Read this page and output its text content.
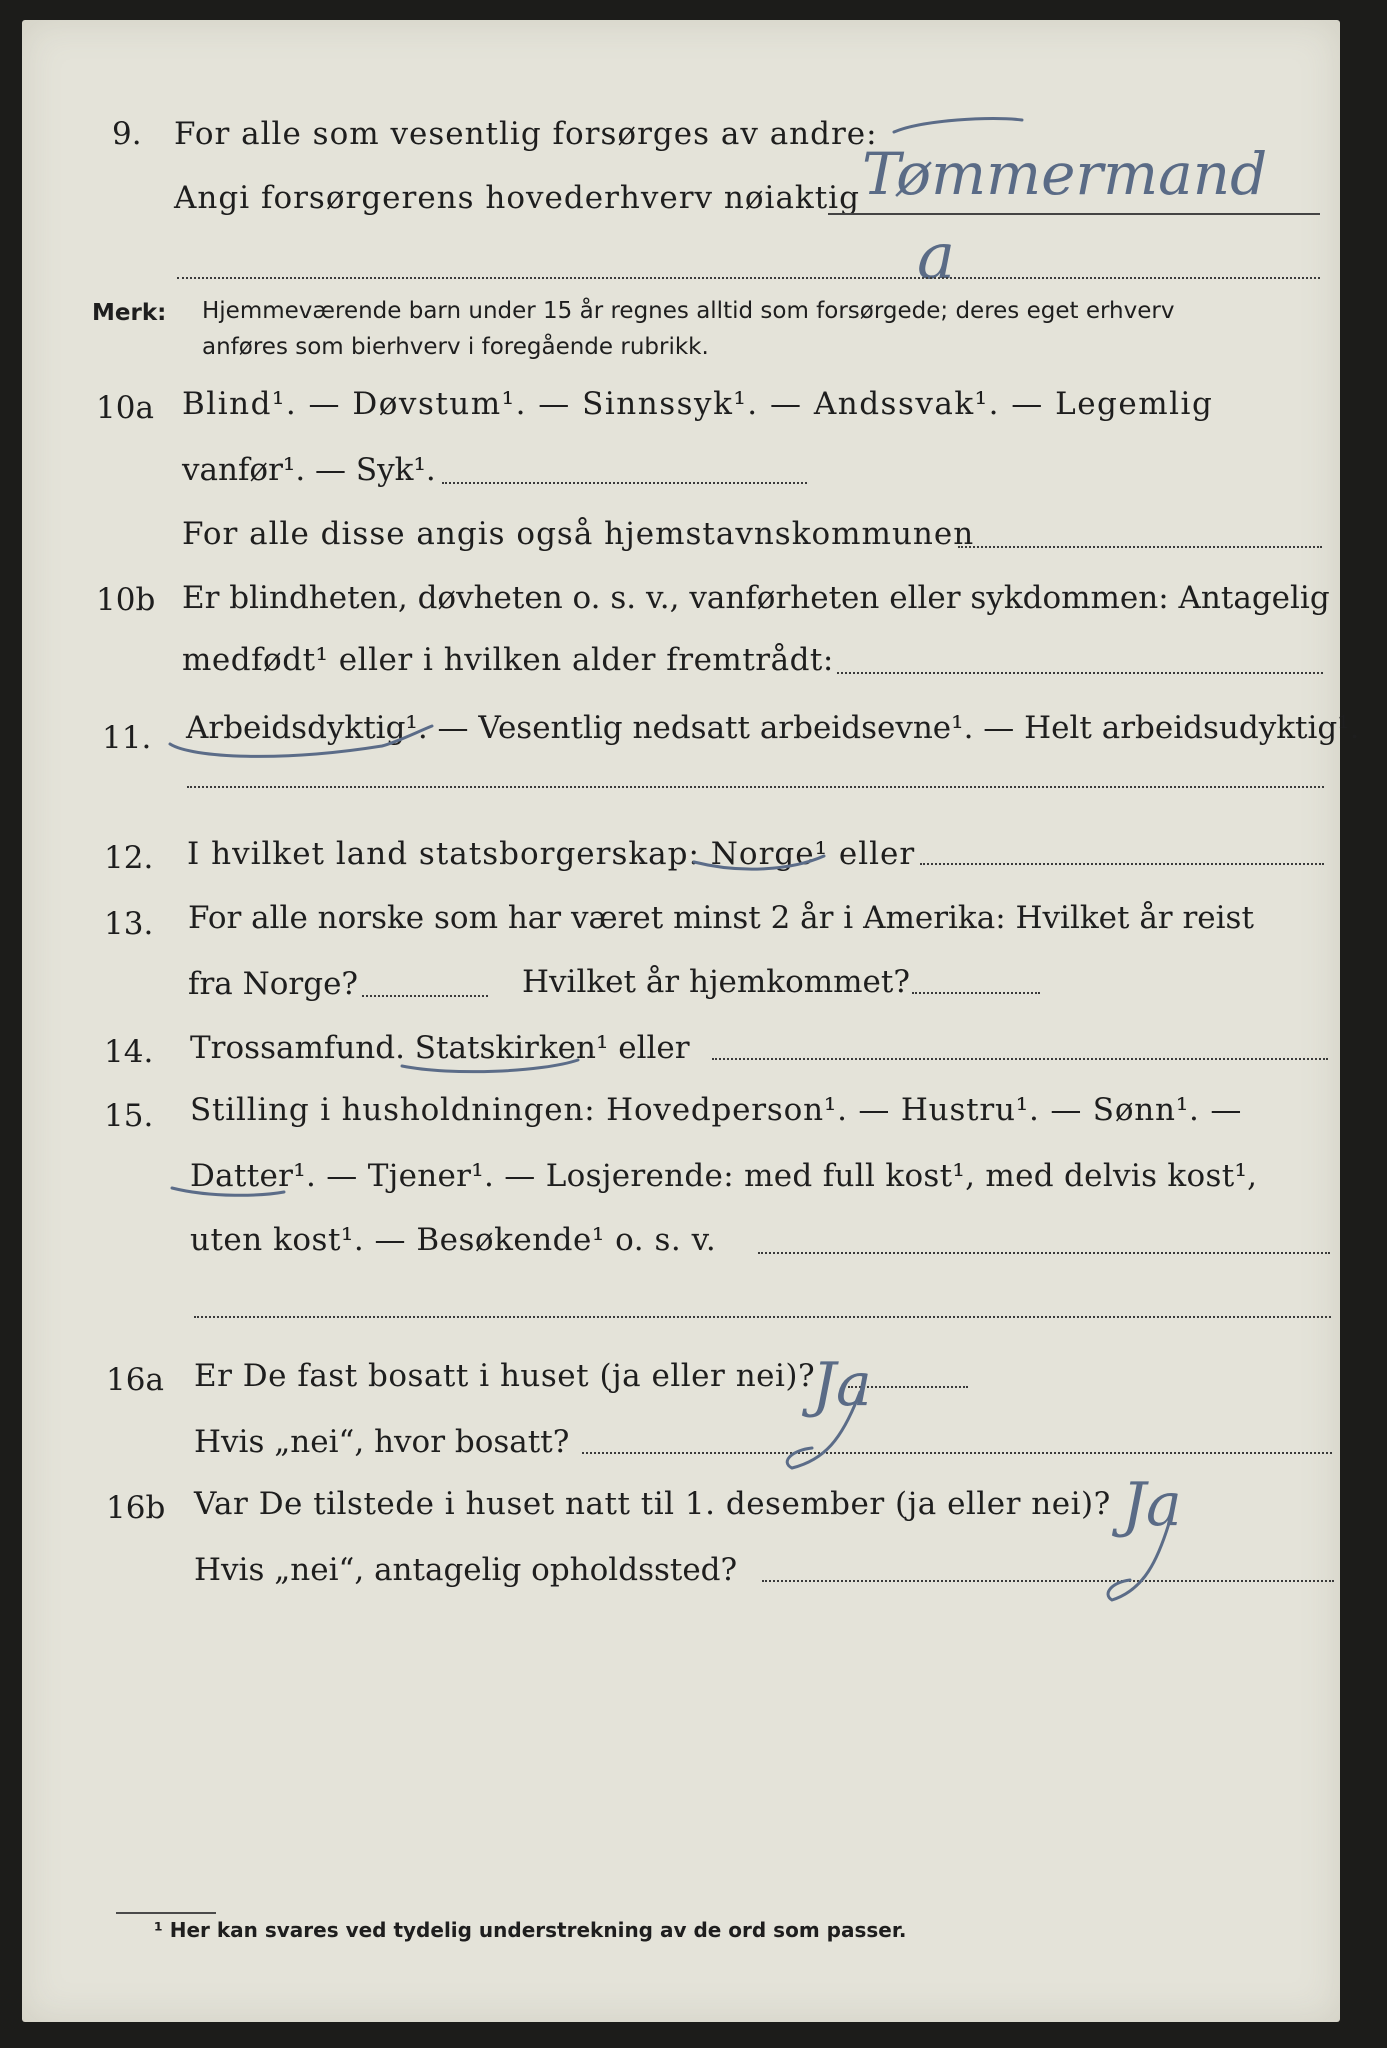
9. For alle som vesentlig forsørges av andre:
Angi forsørgerens hovederhverv nøiaktig Tømmermand
a
Merk: Hjemmeværende barn under 15 år regnes alltid som forsørgede; deres eget erhverv
anføres som bierhverv i foregående rubrikk.
10a Blind¹. — Døvstum¹. — Sinnssyk¹. — Andssvak¹. — Legemlig
vanfør¹. — Syk¹.
For alle disse angis også hjemstavnskommunen
10b Er blindheten, døvheten o. s. v., vanførheten eller sykdommen: Antagelig
medfødt¹ eller i hvilken alder fremtrådt:
11. Arbeidsdyktig¹. — Vesentlig nedsatt arbeidsevne¹. — Helt arbeidsudyktig¹.
12. I hvilket land statsborgerskap: Norge¹ eller
13. For alle norske som har været minst 2 år i Amerika: Hvilket år reist
fra Norge?	Hvilket år hjemkommet?
14. Trossamfund. Statskirken¹ eller
15. Stilling i husholdningen: Hovedperson¹. — Hustru¹. — Sønn¹. —
Datter¹. — Tjener¹. — Losjerende: med full kost¹, med delvis kost¹,
uten kost¹. — Besøkende¹ o. s. v.
16a Er De fast bosatt i huset (ja eller nei)?
Ja
Hvis „nei“, hvor bosatt?
16b Var De tilstede i huset natt til 1. desember (ja eller nei)? Ja
Hvis „nei“, antagelig opholdssted?
¹ Her kan svares ved tydelig understrekning av de ord som passer.
